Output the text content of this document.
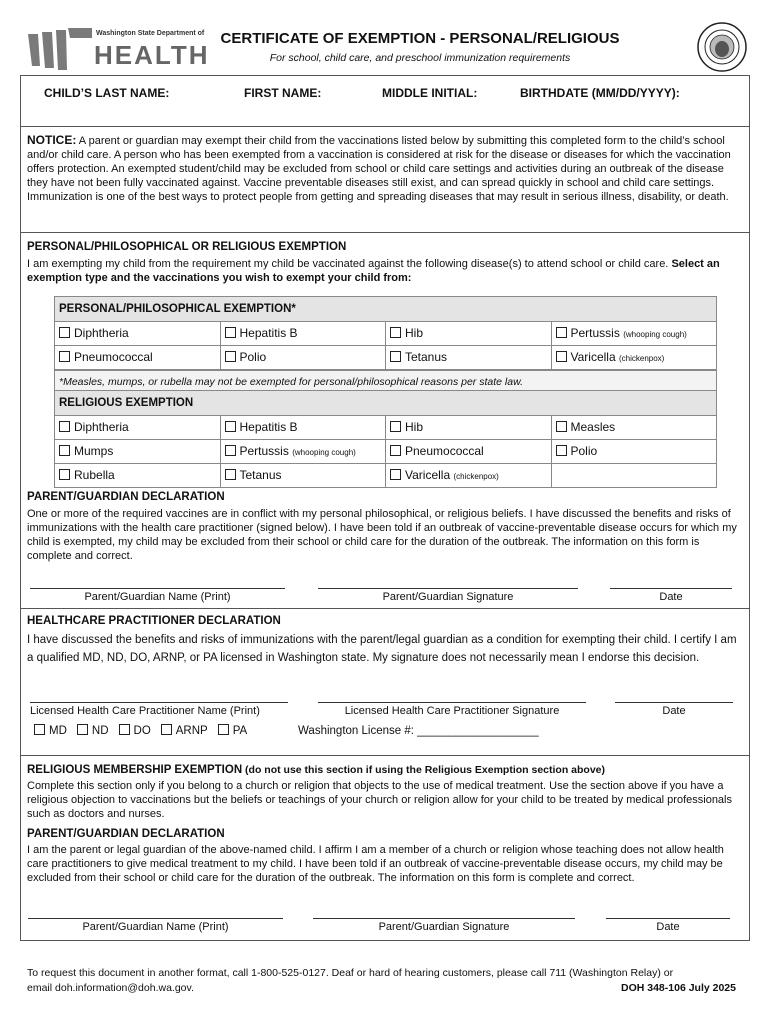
Washington State Department of
HEALTH
CERTIFICATE OF EXEMPTION - PERSONAL/RELIGIOUS
For school, child care, and preschool immunization requirements
CHILD’S LAST NAME:	FIRST NAME:	MIDDLE INITIAL:	BIRTHDATE (MM/DD/YYYY):
NOTICE: A parent or guardian may exempt their child from the vaccinations listed below by submitting this completed form to the child’s school and/or child care. A person who has been exempted from a vaccination is considered at risk for the disease or diseases for which the vaccination offers protection. An exempted student/child may be excluded from school or child care settings and activities during an outbreak of the disease they have not been fully vaccinated against. Vaccine preventable diseases still exist, and can spread quickly in school and child care settings. Immunization is one of the best ways to protect people from getting and spreading diseases that may result in serious illness, disability, or death.
PERSONAL/PHILOSOPHICAL OR RELIGIOUS EXEMPTION
I am exempting my child from the requirement my child be vaccinated against the following disease(s) to attend school or child care. Select an exemption type and the vaccinations you wish to exempt your child from:
PERSONAL/PHILOSOPHICAL EXEMPTION*
Diphtheria	Hepatitis B	Hib	Pertussis (whooping cough)
Pneumococcal	Polio	Tetanus	Varicella (chickenpox)
*Measles, mumps, or rubella may not be exempted for personal/philosophical reasons per state law.
RELIGIOUS EXEMPTION
Diphtheria	Hepatitis B	Hib	Measles
Mumps	Pertussis (whooping cough)	Pneumococcal	Polio
Rubella	Tetanus	Varicella (chickenpox)
PARENT/GUARDIAN DECLARATION
One or more of the required vaccines are in conflict with my personal philosophical, or religious beliefs. I have discussed the benefits and risks of immunizations with the health care practitioner (signed below). I have been told if an outbreak of vaccine-preventable disease occurs for which my child is exempted, my child may be excluded from their school or child care for the duration of the outbreak. The information on this form is complete and correct.
Parent/Guardian Name (Print)	Parent/Guardian Signature	Date
HEALTHCARE PRACTITIONER DECLARATION
I have discussed the benefits and risks of immunizations with the parent/legal guardian as a condition for exempting their child. I certify I am a qualified MD, ND, DO, ARNP, or PA licensed in Washington state. My signature does not necessarily mean I endorse this decision.
Licensed Health Care Practitioner Name (Print)	Licensed Health Care Practitioner Signature	Date
MD	ND	DO	ARNP	PA	Washington License #: ___________________
RELIGIOUS MEMBERSHIP EXEMPTION (do not use this section if using the Religious Exemption section above)
Complete this section only if you belong to a church or religion that objects to the use of medical treatment. Use the section above if you have a religious objection to vaccinations but the beliefs or teachings of your church or religion allow for your child to be treated by medical professionals such as doctors and nurses.
PARENT/GUARDIAN DECLARATION
I am the parent or legal guardian of the above-named child. I affirm I am a member of a church or religion whose teaching does not allow health care practitioners to give medical treatment to my child. I have been told if an outbreak of vaccine-preventable disease occurs, my child may be excluded from their school or child care for the duration of the outbreak. The information on this form is complete and correct.
Parent/Guardian Name (Print)	Parent/Guardian Signature	Date
To request this document in another format, call 1-800-525-0127. Deaf or hard of hearing customers, please call 711 (Washington Relay) or
email doh.information@doh.wa.gov.	DOH 348-106 July 2025
